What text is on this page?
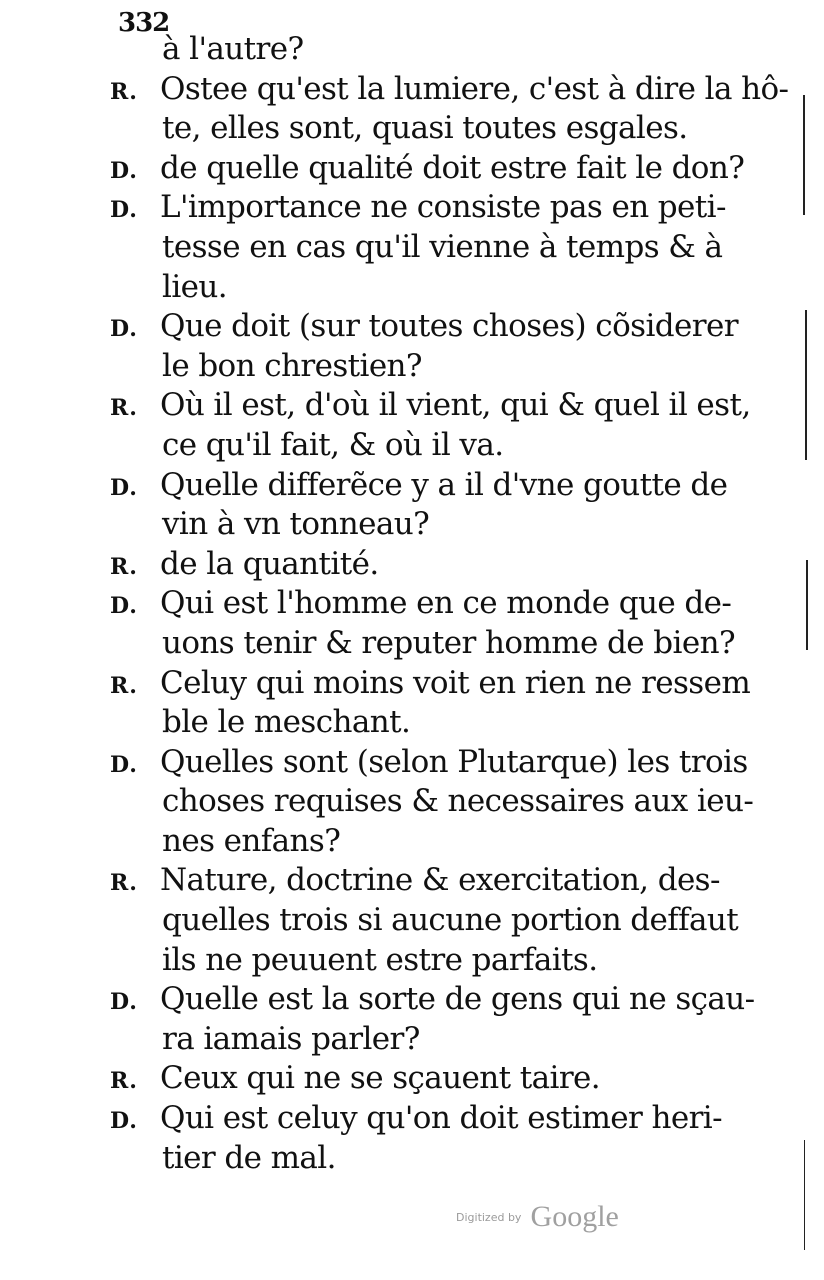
332
à l'autre?
R. Ostee qu'est la lumiere, c'est à dire la hô-
te, elles sont, quasi toutes esgales.
D. de quelle qualité doit estre fait le don?
D. L'importance ne consiste pas en peti-
tesse en cas qu'il vienne à temps & à
lieu.
D. Que doit (sur toutes choses) cõsiderer
le bon chrestien?
R. Où il est, d'où il vient, qui & quel il est,
ce qu'il fait, & où il va.
D. Quelle differẽce y a il d'vne goutte de
vin à vn tonneau?
R. de la quantité.
D. Qui est l'homme en ce monde que de-
uons tenir & reputer homme de bien?
R. Celuy qui moins voit en rien ne ressem
ble le meschant.
D. Quelles sont (selon Plutarque) les trois
choses requises & necessaires aux ieu-
nes enfans?
R. Nature, doctrine & exercitation, des-
quelles trois si aucune portion deffaut
ils ne peuuent estre parfaits.
D. Quelle est la sorte de gens qui ne sçau-
ra iamais parler?
R. Ceux qui ne se sçauent taire.
D. Qui est celuy qu'on doit estimer heri-
tier de mal.
Digitized by Google
